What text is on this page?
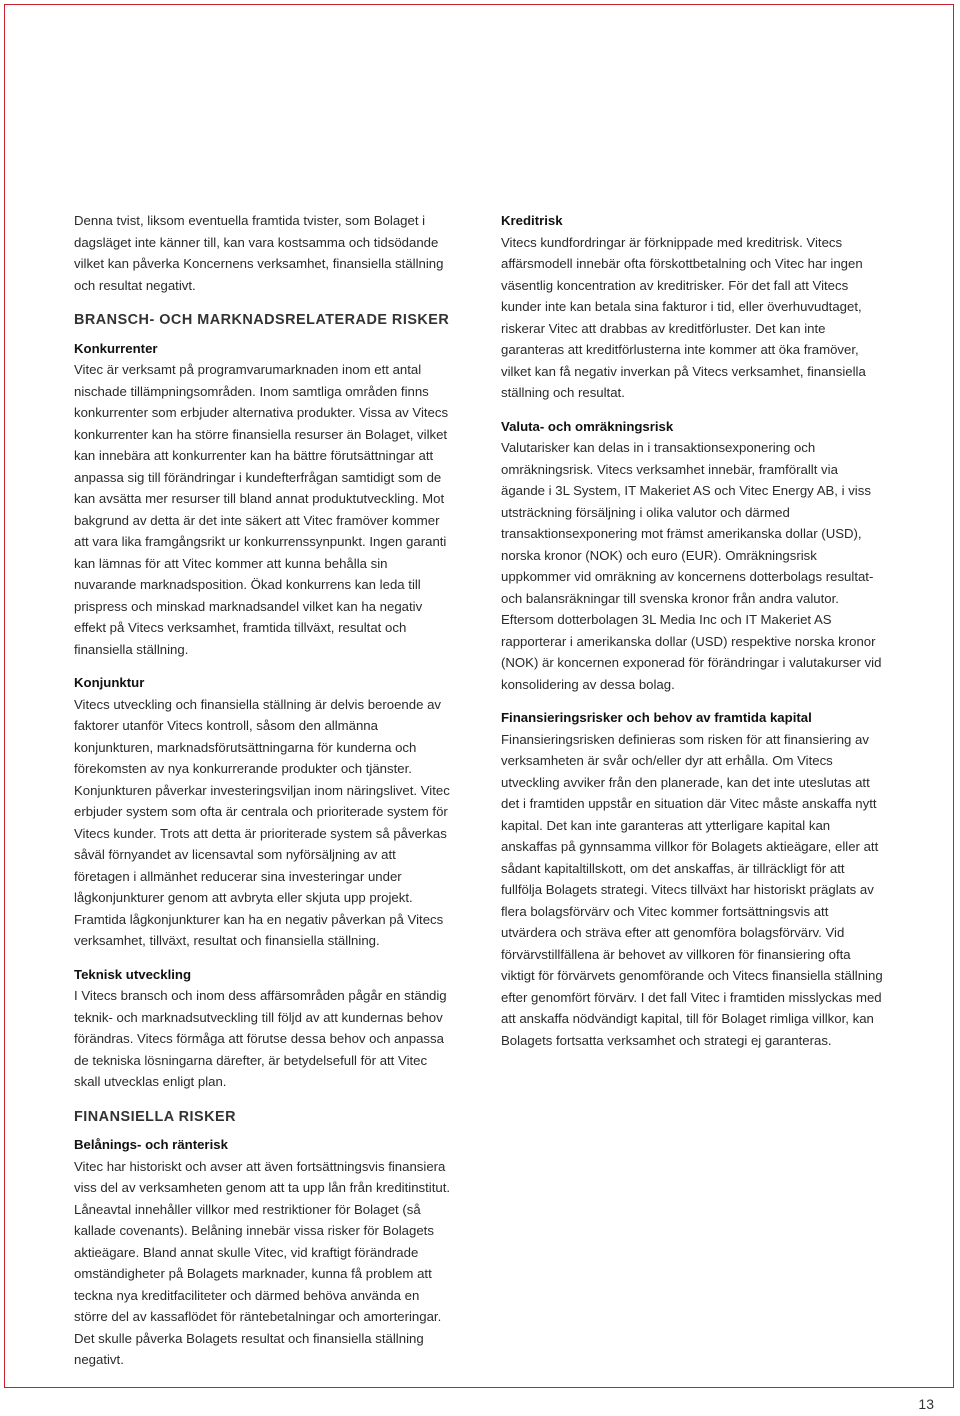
Denna tvist, liksom eventuella framtida tvister, som Bolaget i dagsläget inte känner till, kan vara kostsamma och tidsödande vilket kan påverka Koncernens verksamhet, finansiella ställning och resultat negativt.

BRANSCH- OCH MARKNADSRELATERADE RISKER
Konkurrenter

Vitec är verksamt på programvarumarknaden inom ett antal nischade tillämpningsområden. Inom samtliga områden finns konkurrenter som erbjuder alternativa produkter. Vissa av Vitecs konkurrenter kan ha större finansiella resurser än Bolaget, vilket kan innebära att konkurrenter kan ha bättre förutsättningar att anpassa sig till förändringar i kundefterfrågan samtidigt som de kan avsätta mer resurser till bland annat produktutveckling. Mot bakgrund av detta är det inte säkert att Vitec framöver kommer att vara lika framgångsrikt ur konkurrenssynpunkt. Ingen garanti kan lämnas för att Vitec kommer att kunna behålla sin nuvarande marknadsposition. Ökad konkurrens kan leda till prispress och minskad marknadsandel vilket kan ha negativ effekt på Vitecs verksamhet, framtida tillväxt, resultat och finansiella ställning.

Konjunktur

Vitecs utveckling och finansiella ställning är delvis beroende av faktorer utanför Vitecs kontroll, såsom den allmänna konjunkturen, marknadsförutsättningarna för kunderna och förekomsten av nya konkurrerande produkter och tjänster. Konjunkturen påverkar investeringsviljan inom näringslivet. Vitec erbjuder system som ofta är centrala och prioriterade system för Vitecs kunder. Trots att detta är prioriterade system så påverkas såväl förnyandet av licensavtal som nyförsäljning av att företagen i allmänhet reducerar sina investeringar under lågkonjunkturer genom att avbryta eller skjuta upp projekt. Framtida lågkonjunkturer kan ha en negativ påverkan på Vitecs verksamhet, tillväxt, resultat och finansiella ställning.

Teknisk utveckling

I Vitecs bransch och inom dess affärsområden pågår en ständig teknik- och marknadsutveckling till följd av att kundernas behov förändras. Vitecs förmåga att förutse dessa behov och anpassa de tekniska lösningarna därefter, är betydelsefull för att Vitec skall utvecklas enligt plan.

FINANSIELLA RISKER
Belånings- och ränterisk

Vitec har historiskt och avser att även fortsättningsvis finansiera viss del av verksamheten genom att ta upp lån från kreditinstitut. Låneavtal innehåller villkor med restriktioner för Bolaget (så kallade covenants). Belåning innebär vissa risker för Bolagets aktieägare. Bland annat skulle Vitec, vid kraftigt förändrade omständigheter på Bolagets marknader, kunna få problem att teckna nya kreditfaciliteter och därmed behöva använda en större del av kassaflödet för räntebetalningar och amorteringar. Det skulle påverka Bolagets resultat och finansiella ställning negativt.

Kreditrisk

Vitecs kundfordringar är förknippade med kreditrisk. Vitecs affärsmodell innebär ofta förskottbetalning och Vitec har ingen väsentlig koncentration av kreditrisker. För det fall att Vitecs kunder inte kan betala sina fakturor i tid, eller överhuvudtaget, riskerar Vitec att drabbas av kreditförluster. Det kan inte garanteras att kreditförlusterna inte kommer att öka framöver, vilket kan få negativ inverkan på Vitecs verksamhet, finansiella ställning och resultat.

Valuta- och omräkningsrisk

Valutarisker kan delas in i transaktionsexponering och omräkningsrisk. Vitecs verksamhet innebär, framförallt via ägande i 3L System, IT Makeriet AS och Vitec Energy AB, i viss utsträckning försäljning i olika valutor och därmed transaktionsexponering mot främst amerikanska dollar (USD), norska kronor (NOK) och euro (EUR). Omräkningsrisk uppkommer vid omräkning av koncernens dotterbolags resultat- och balansräkningar till svenska kronor från andra valutor. Eftersom dotterbolagen 3L Media Inc och IT Makeriet AS rapporterar i amerikanska dollar (USD) respektive norska kronor (NOK) är koncernen exponerad för förändringar i valutakurser vid konsolidering av dessa bolag.

Finansieringsrisker och behov av framtida kapital

Finansieringsrisken definieras som risken för att finansiering av verksamheten är svår och/eller dyr att erhålla. Om Vitecs utveckling avviker från den planerade, kan det inte uteslutas att det i framtiden uppstår en situation där Vitec måste anskaffa nytt kapital. Det kan inte garanteras att ytterligare kapital kan anskaffas på gynnsamma villkor för Bolagets aktieägare, eller att sådant kapitaltillskott, om det anskaffas, är tillräckligt för att fullfölja Bolagets strategi. Vitecs tillväxt har historiskt präglats av flera bolagsförvärv och Vitec kommer fortsättningsvis att utvärdera och sträva efter att genomföra bolagsförvärv. Vid förvärvstillfällena är behovet av villkoren för finansiering ofta viktigt för förvärvets genomförande och Vitecs finansiella ställning efter genomfört förvärv. I det fall Vitec i framtiden misslyckas med att anskaffa nödvändigt kapital, till för Bolaget rimliga villkor, kan Bolagets fortsatta verksamhet och strategi ej garanteras.

13
